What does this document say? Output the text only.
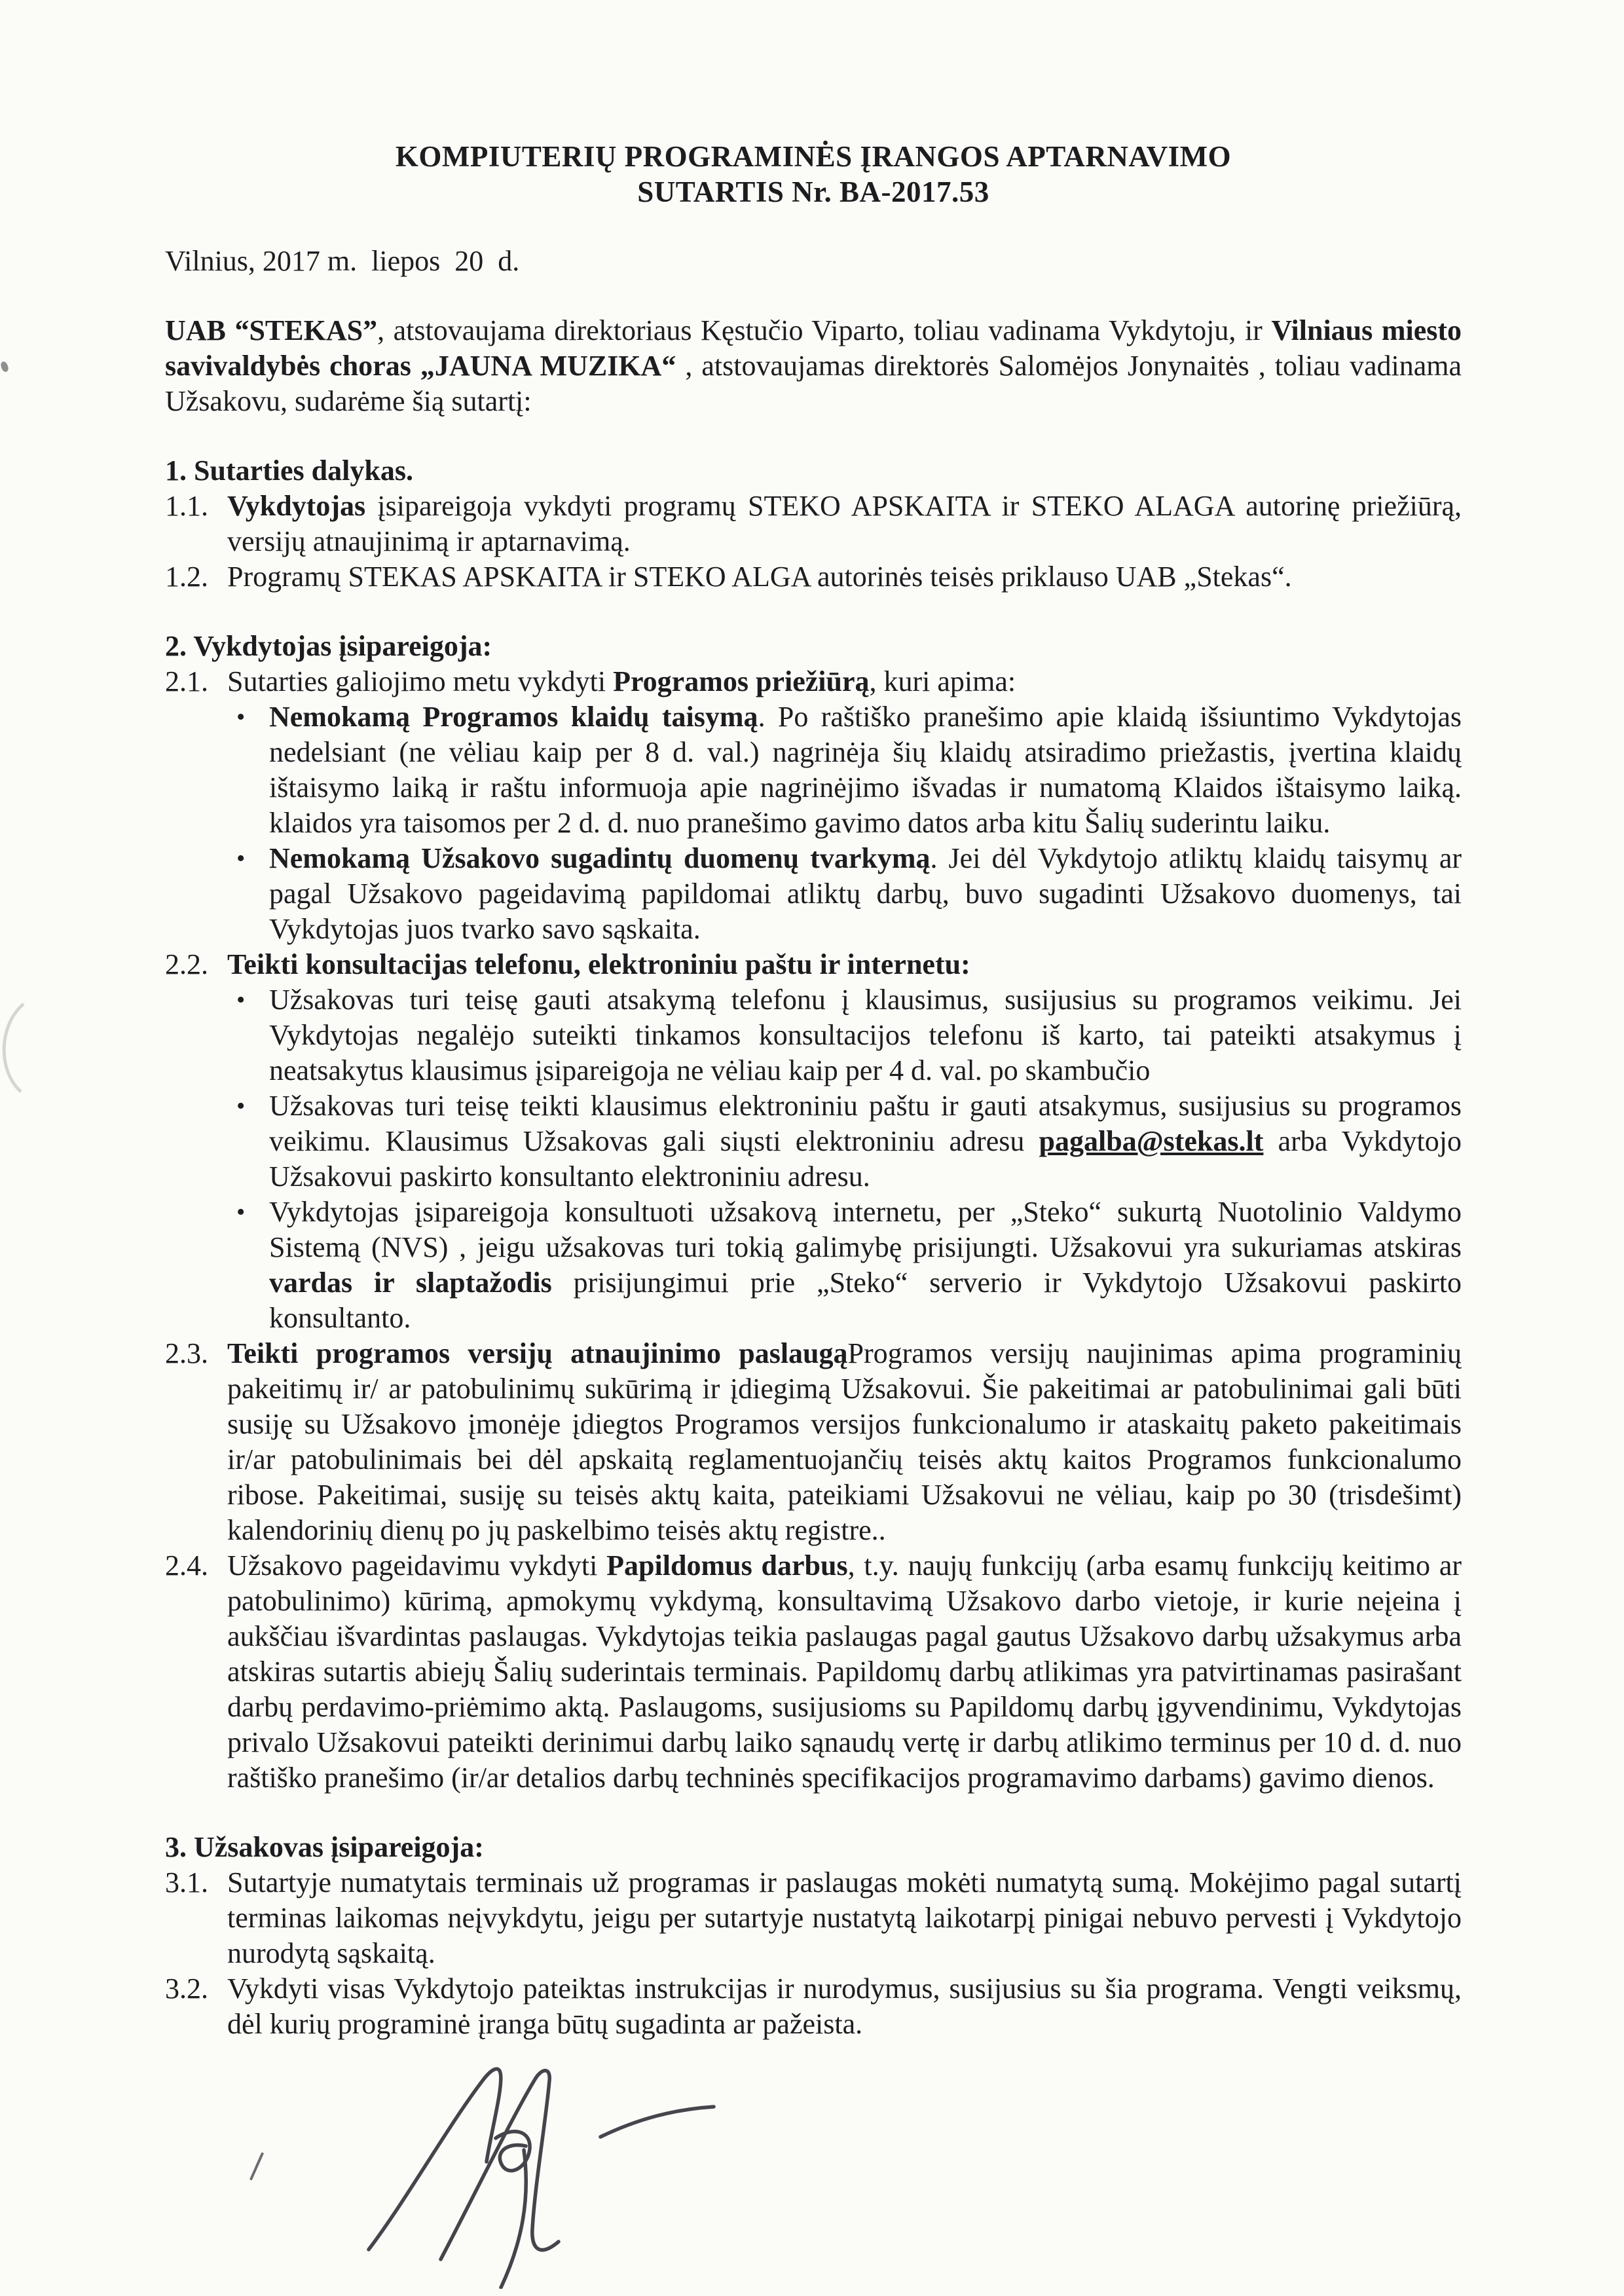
KOMPIUTERIŲ PROGRAMINĖS ĮRANGOS APTARNAVIMO
SUTARTIS Nr. BA-2017.53

Vilnius, 2017 m.  liepos  20  d.

UAB “STEKAS”, atstovaujama direktoriaus Kęstučio Viparto, toliau vadinama Vykdytoju, ir Vilniaus miesto savivaldybės choras „JAUNA MUZIKA“ , atstovaujamas direktorės Salomėjos Jonynaitės , toliau vadinama Užsakovu, sudarėme šią sutartį:

1. Sutarties dalykas.
1.1. Vykdytojas įsipareigoja vykdyti programų STEKO APSKAITA ir STEKO ALAGA autorinę priežiūrą, versijų atnaujinimą ir aptarnavimą.
1.2. Programų STEKAS APSKAITA ir STEKO ALGA autorinės teisės priklauso UAB „Stekas“.
2. Vykdytojas įsipareigoja:
2.1. Sutarties galiojimo metu vykdyti Programos priežiūrą, kuri apima:
• Nemokamą Programos klaidų taisymą. Po raštiško pranešimo apie klaidą išsiuntimo Vykdytojas nedelsiant (ne vėliau kaip per 8 d. val.) nagrinėja šių klaidų atsiradimo priežastis, įvertina klaidų ištaisymo laiką ir raštu informuoja apie nagrinėjimo išvadas ir numatomą Klaidos ištaisymo laiką. klaidos yra taisomos per 2 d. d. nuo pranešimo gavimo datos arba kitu Šalių suderintu laiku.
• Nemokamą Užsakovo sugadintų duomenų tvarkymą. Jei dėl Vykdytojo atliktų klaidų taisymų ar pagal Užsakovo pageidavimą papildomai atliktų darbų, buvo sugadinti Užsakovo duomenys, tai Vykdytojas juos tvarko savo sąskaita.
2.2. Teikti konsultacijas telefonu, elektroniniu paštu ir internetu:
• Užsakovas turi teisę gauti atsakymą telefonu į klausimus, susijusius su programos veikimu. Jei Vykdytojas negalėjo suteikti tinkamos konsultacijos telefonu iš karto, tai pateikti atsakymus į neatsakytus klausimus įsipareigoja ne vėliau kaip per 4 d. val. po skambučio
• Užsakovas turi teisę teikti klausimus elektroniniu paštu ir gauti atsakymus, susijusius su programos veikimu. Klausimus Užsakovas gali siųsti elektroniniu adresu pagalba@stekas.lt arba Vykdytojo Užsakovui paskirto konsultanto elektroniniu adresu.
• Vykdytojas įsipareigoja konsultuoti užsakovą internetu, per „Steko“ sukurtą Nuotolinio Valdymo Sistemą (NVS) , jeigu užsakovas turi tokią galimybę prisijungti. Užsakovui yra sukuriamas atskiras vardas ir slaptažodis prisijungimui prie „Steko“ serverio ir Vykdytojo Užsakovui paskirto konsultanto.
2.3. Teikti programos versijų atnaujinimo paslaugąProgramos versijų naujinimas apima programinių pakeitimų ir/ ar patobulinimų sukūrimą ir įdiegimą Užsakovui. Šie pakeitimai ar patobulinimai gali būti susiję su Užsakovo įmonėje įdiegtos Programos versijos funkcionalumo ir ataskaitų paketo pakeitimais ir/ar patobulinimais bei dėl apskaitą reglamentuojančių teisės aktų kaitos Programos funkcionalumo ribose. Pakeitimai, susiję su teisės aktų kaita, pateikiami Užsakovui ne vėliau, kaip po 30 (trisdešimt) kalendorinių dienų po jų paskelbimo teisės aktų registre..
2.4. Užsakovo pageidavimu vykdyti Papildomus darbus, t.y. naujų funkcijų (arba esamų funkcijų keitimo ar patobulinimo) kūrimą, apmokymų vykdymą, konsultavimą Užsakovo darbo vietoje, ir kurie neįeina į aukščiau išvardintas paslaugas. Vykdytojas teikia paslaugas pagal gautus Užsakovo darbų užsakymus arba atskiras sutartis abiejų Šalių suderintais terminais. Papildomų darbų atlikimas yra patvirtinamas pasirašant darbų perdavimo-priėmimo aktą. Paslaugoms, susijusioms su Papildomų darbų įgyvendinimu, Vykdytojas privalo Užsakovui pateikti derinimui darbų laiko sąnaudų vertę ir darbų atlikimo terminus per 10 d. d. nuo raštiško pranešimo (ir/ar detalios darbų techninės specifikacijos programavimo darbams) gavimo dienos.
3. Užsakovas įsipareigoja:
3.1. Sutartyje numatytais terminais už programas ir paslaugas mokėti numatytą sumą. Mokėjimo pagal sutartį terminas laikomas neįvykdytu, jeigu per sutartyje nustatytą laikotarpį pinigai nebuvo pervesti į Vykdytojo nurodytą sąskaitą.
3.2. Vykdyti visas Vykdytojo pateiktas instrukcijas ir nurodymus, susijusius su šia programa. Vengti veiksmų, dėl kurių programinė įranga būtų sugadinta ar pažeista.
